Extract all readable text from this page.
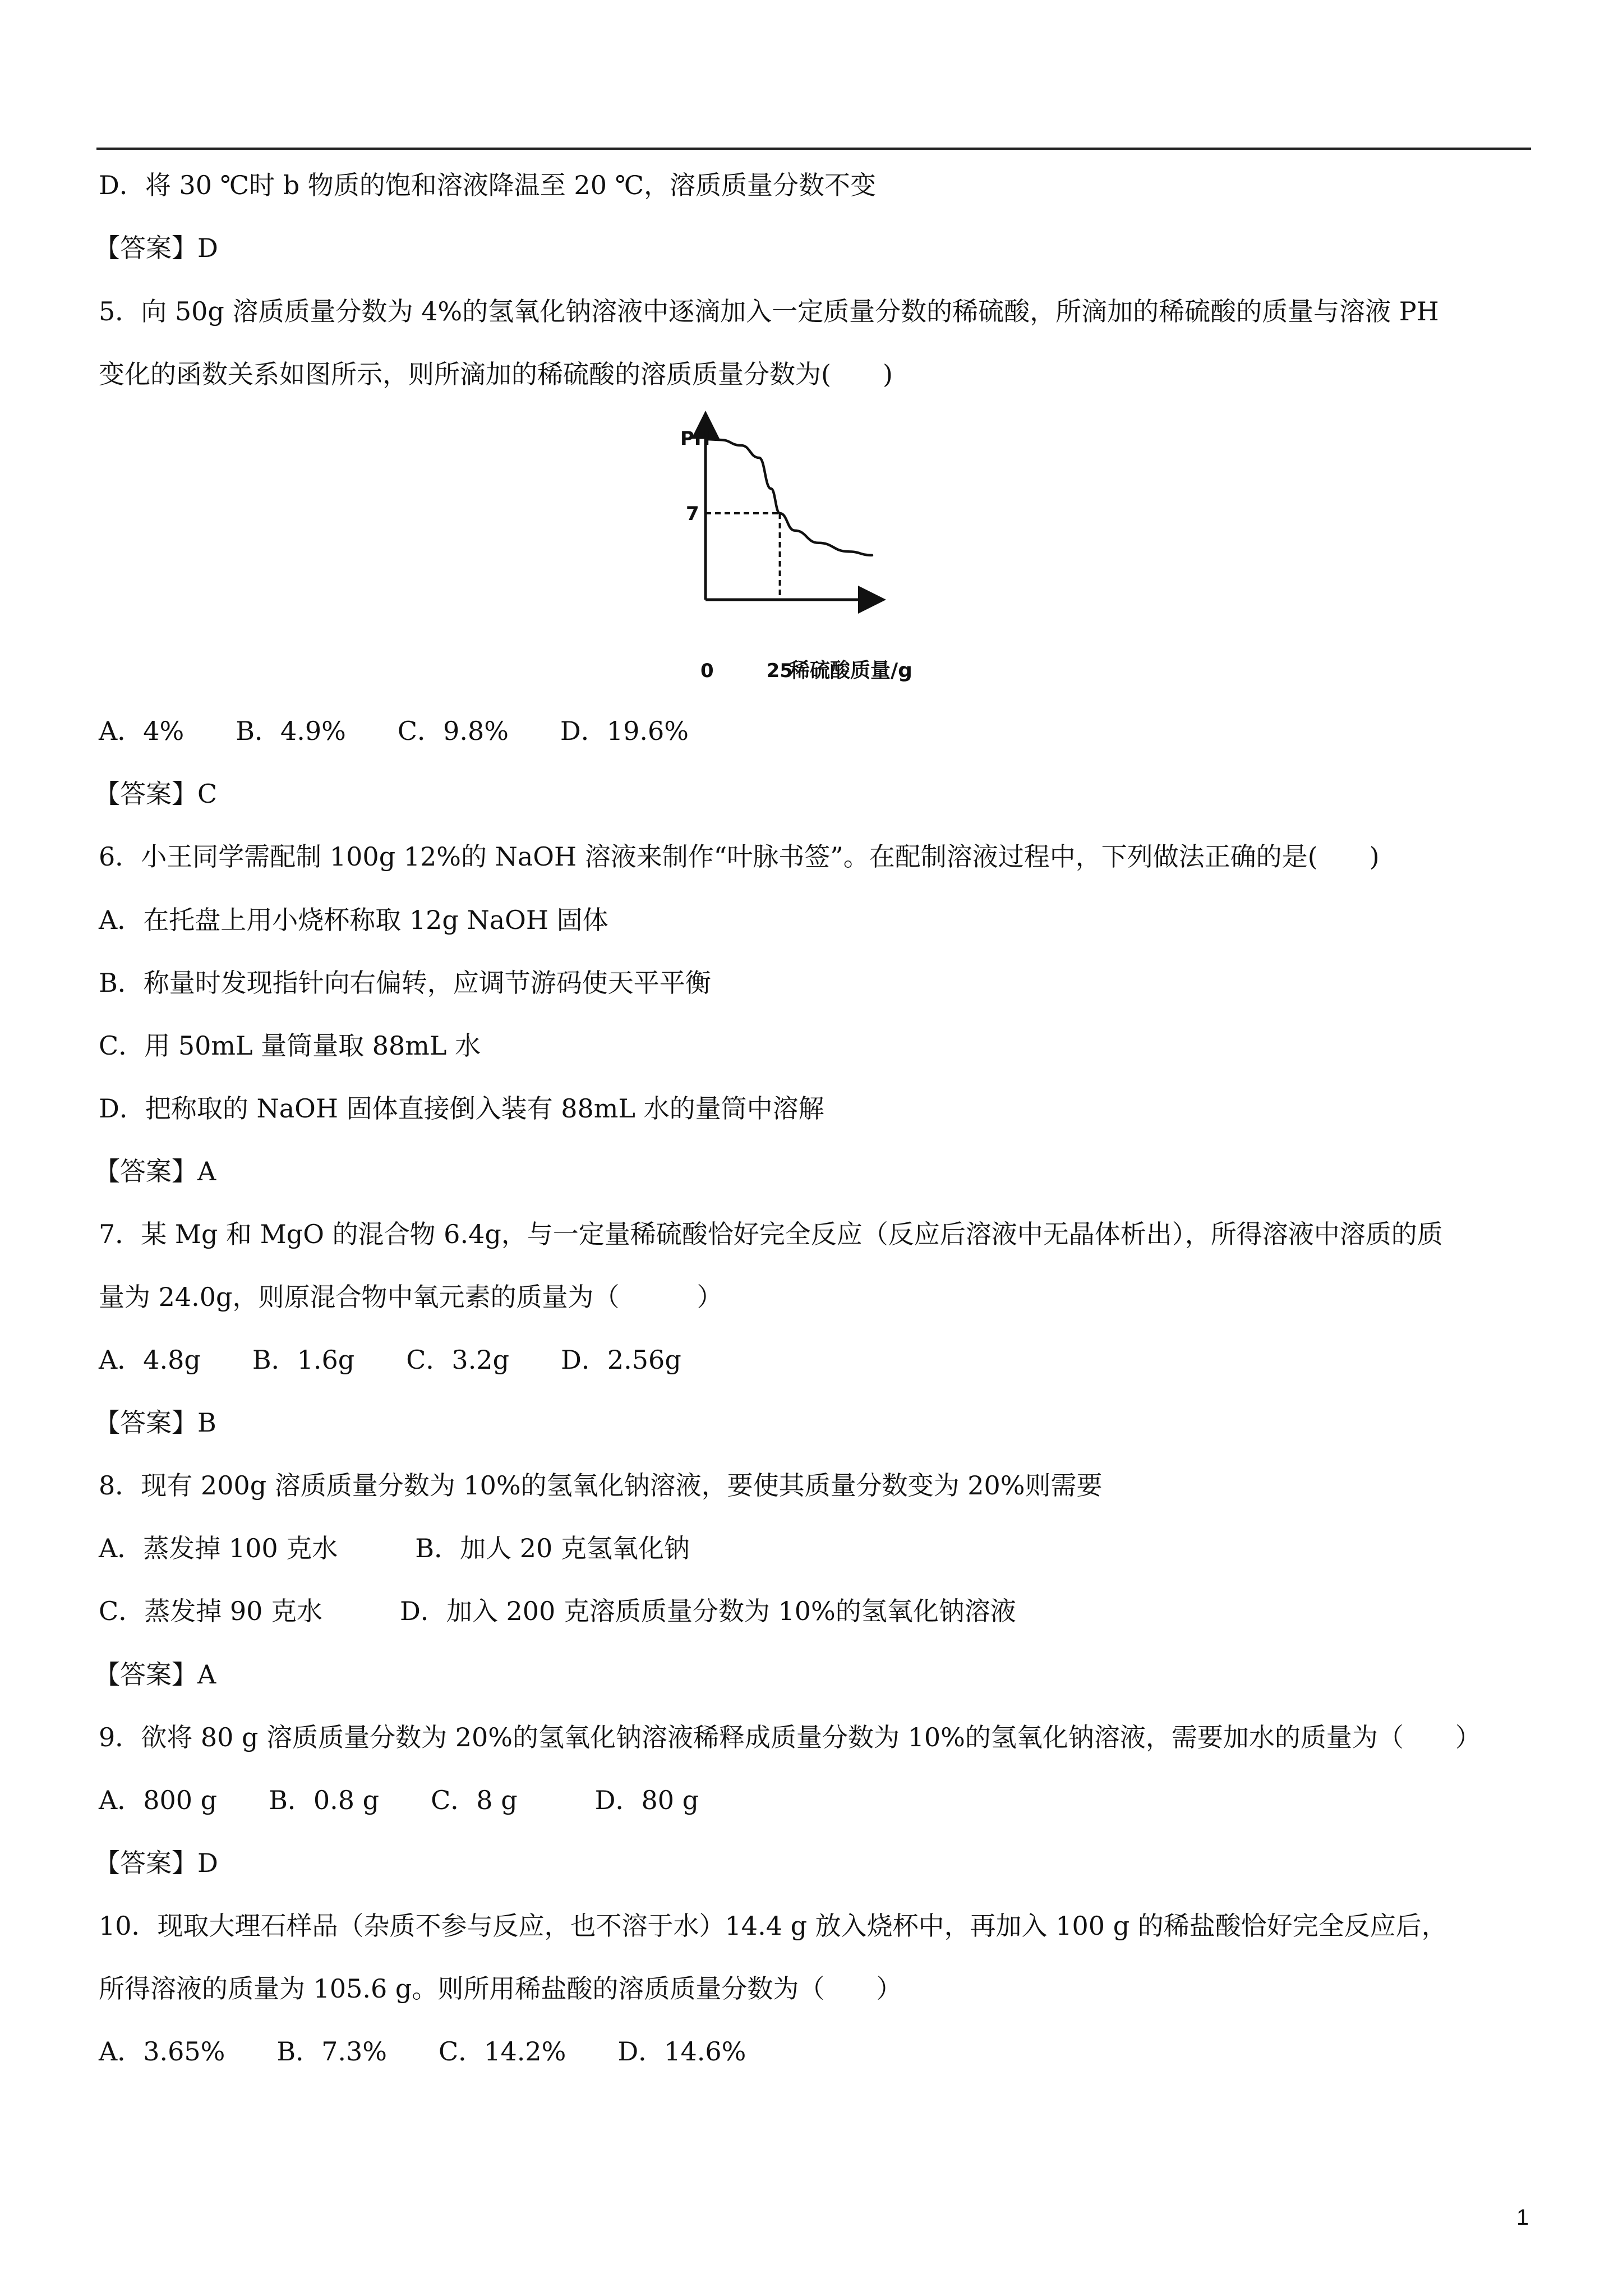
D．将 30 ℃时 b 物质的饱和溶液降温至 20 ℃，溶质质量分数不变
【答案】D
5．向 50g 溶质质量分数为 4%的氢氧化钠溶液中逐滴加入一定质量分数的稀硫酸，所滴加的稀硫酸的质量与溶液 PH
变化的函数关系如图所示，则所滴加的稀硫酸的溶质质量分数为(　　)
PH
7
0	25
稀硫酸质量/g
A．4%　　B．4.9%　　C．9.8%　　D．19.6%
【答案】C
6．小王同学需配制 100g 12%的 NaOH 溶液来制作“叶脉书签”。在配制溶液过程中，下列做法正确的是(　　)
A．在托盘上用小烧杯称取 12g NaOH 固体
B．称量时发现指针向右偏转，应调节游码使天平平衡
C．用 50mL 量筒量取 88mL 水
D．把称取的 NaOH 固体直接倒入装有 88mL 水的量筒中溶解
【答案】A
7．某 Mg 和 MgO 的混合物 6.4g，与一定量稀硫酸恰好完全反应（反应后溶液中无晶体析出），所得溶液中溶质的质
量为 24.0g，则原混合物中氧元素的质量为（　　　）
A．4.8g　　B．1.6g　　C．3.2g　　D．2.56g
【答案】B
8．现有 200g 溶质质量分数为 10%的氢氧化钠溶液，要使其质量分数变为 20%则需要
A．蒸发掉 100 克水　　　B．加人 20 克氢氧化钠
C．蒸发掉 90 克水　　　D．加入 200 克溶质质量分数为 10%的氢氧化钠溶液
【答案】A
9．欲将 80 g 溶质质量分数为 20%的氢氧化钠溶液稀释成质量分数为 10%的氢氧化钠溶液，需要加水的质量为（　　）
A．800 g　　B．0.8 g　　C．8 g　　　D．80 g
【答案】D
10．现取大理石样品（杂质不参与反应，也不溶于水）14.4 g 放入烧杯中，再加入 100 g 的稀盐酸恰好完全反应后，
所得溶液的质量为 105.6 g。则所用稀盐酸的溶质质量分数为（　　）
A．3.65%　　B．7.3%　　C．14.2%　　D．14.6%
1
